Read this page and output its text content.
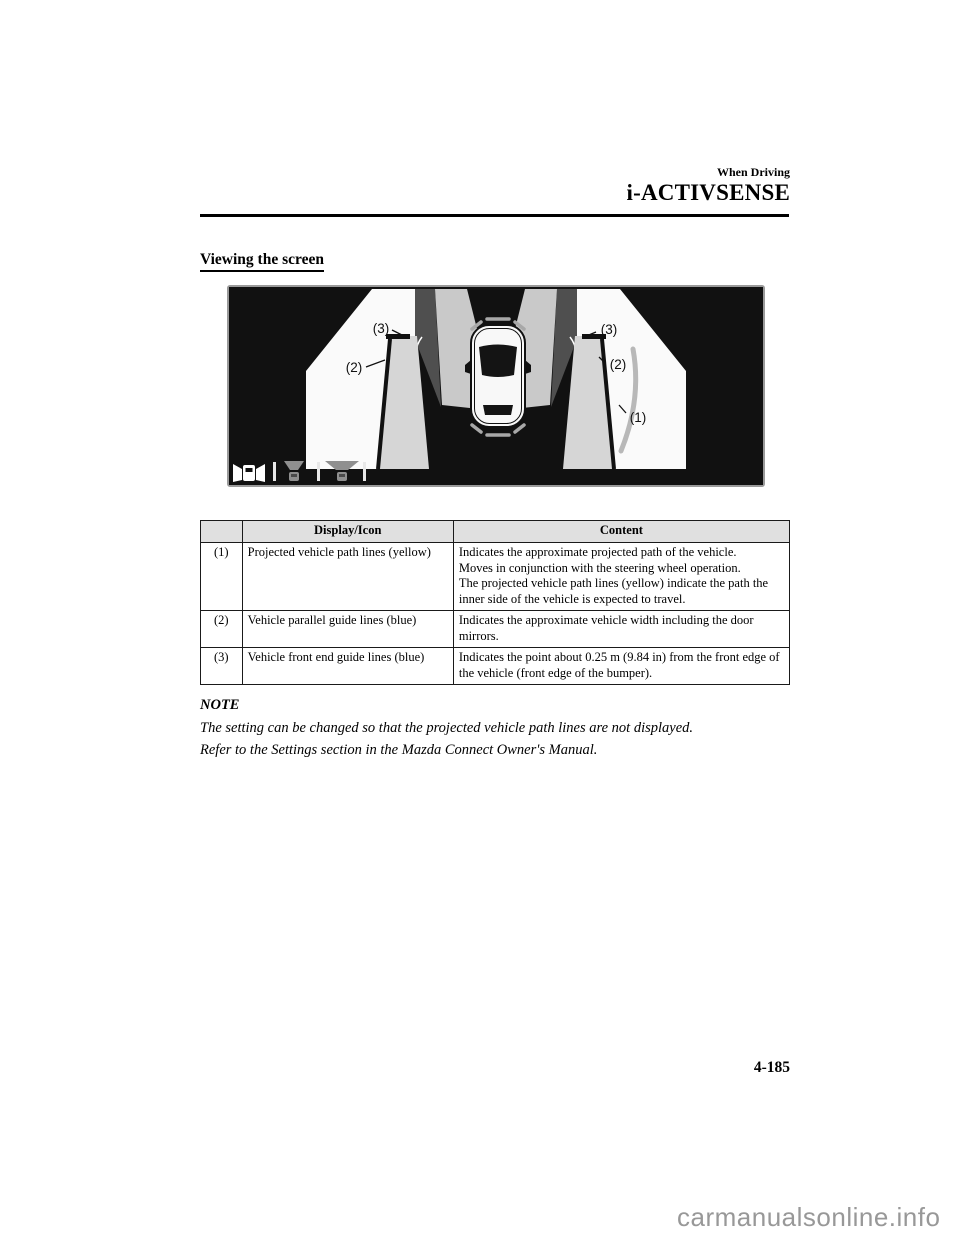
When Driving
i-ACTIVSENSE
Viewing the screen
(3)
(2)
(3)
(2)
(1)
	Display/Icon	Content
(1)	Projected vehicle path lines (yellow)	Indicates the approximate projected path of the vehicle.
Moves in conjunction with the steering wheel operation.
The projected vehicle path lines (yellow) indicate the path the inner side of the vehicle is expected to travel.

(2)	Vehicle parallel guide lines (blue)	Indicates the approximate vehicle width including the door mirrors.

(3)	Vehicle front end guide lines (blue)	Indicates the point about 0.25 m (9.84 in) from the front edge of the vehicle (front edge of the bumper).
NOTE
The setting can be changed so that the projected vehicle path lines are not displayed.
Refer to the Settings section in the Mazda Connect Owner's Manual.
4-185
carmanualsonline.info
